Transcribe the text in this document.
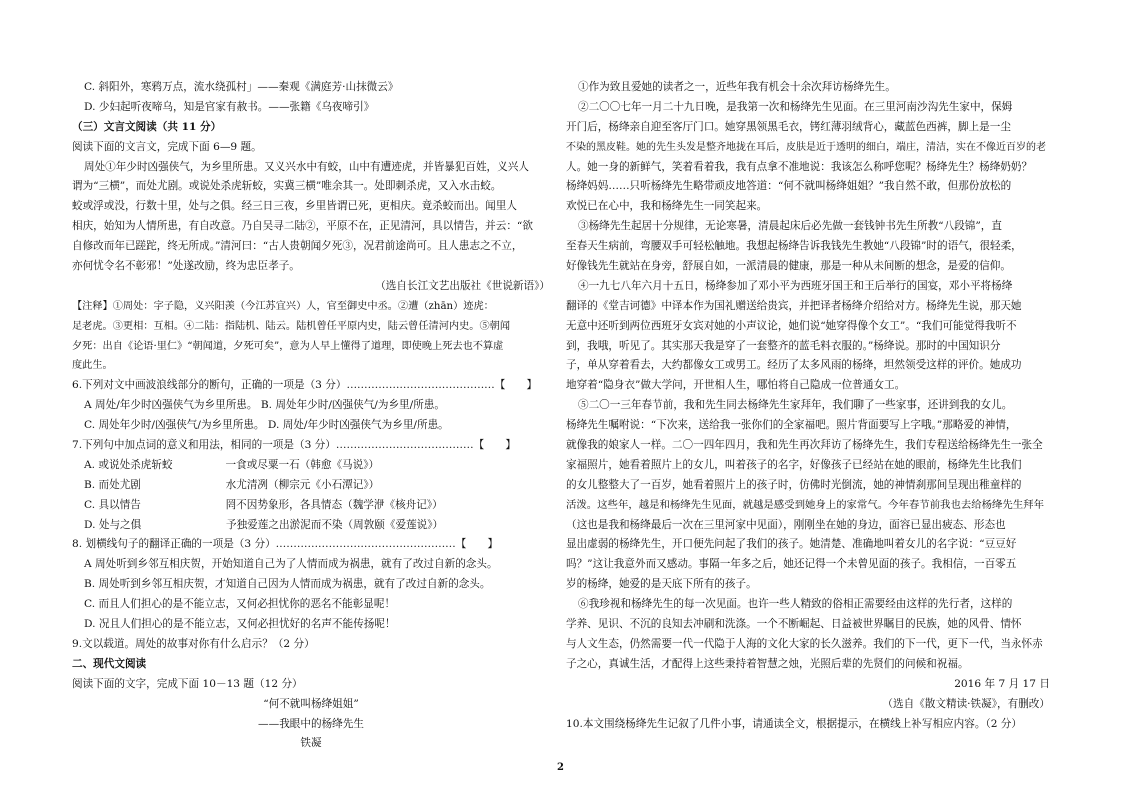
C. 斜阳外，寒鸦万点，流水绕孤村」——秦观《满庭芳·山抹微云》
D. 少妇起听夜啼乌，知是官家有赦书。——张籍《乌夜啼引》
（三）文言文阅读（共 11 分）
阅读下面的文言文，完成下面 6—9 题。
周处①年少时凶强侠气，为乡里所患。又义兴水中有蛟，山中有遭迹虎，并皆暴犯百姓，义兴人
谓为“三横”，而处尤剧。或说处杀虎斩蛟，实冀三横”唯余其一。处即刺杀虎，又入水击蛟。
蛟或浮或没，行数十里，处与之俱。经三日三夜，乡里皆谓已死，更相庆。竟杀蛟而出。闻里人
相庆，始知为人情所患，有自改意。乃自吴寻二陆②，平原不在，正见清河，具以情告，并云：“欲
自修改而年已蹉跎，终无所成。”清河曰：“古人贵朝闻夕死③，况君前途尚可。且人患志之不立，
亦何忧令名不彰邪！”处遂改励，终为忠臣孝子。
（选自长江文艺出版社《世说新语》）
【注释】①周处：字子隐，义兴阳羡（今江苏宜兴）人，官至御史中丞。②遭（zhān）迹虎：
足老虎。③更相：互相。④二陆：指陆机、陆云。陆机曾任平原内史，陆云曾任清河内史。⑤朝闻
夕死：出自《论语·里仁》“朝闻道，夕死可矣”，意为人早上懂得了道理，即使晚上死去也不算虚
度此生。
6.下列对文中画波浪线部分的断句，正确的一项是（3 分）……………………………………【　　】
A 周处/年少时凶强侠气为乡里所患。 B. 周处年少时/凶强侠气/为乡里/所患。
C. 周处年少时/凶强侠气/为乡里所患。 D. 周处/年少时凶强侠气为乡里/所患。
7.下列句中加点词的意义和用法，相同的一项是（3 分）…………………………………【　　】
A. 或说处杀虎斩蛟　　　　　一食或尽粟一石（韩愈《马说》）
B. 而处尤剧　　　　　　　　水尤清冽（柳宗元《小石潭记》）
C. 具以情告　　　　　　　　罔不因势象形，各具情态（魏学洢《核舟记》）
D. 处与之俱　　　　　　　　予独爱莲之出淤泥而不染（周敦颐《爱莲说》）
8. 划横线句子的翻译正确的一项是（3 分）……………………………………………【　　】
A 周处听到乡邻互相庆贺，开始知道自己为了人情而成为祸患，就有了改过自新的念头。
B. 周处听到乡邻互相庆贺，才知道自己因为人情而成为祸患，就有了改过自新的念头。
C. 而且人们担心的是不能立志，又何必担忧你的恶名不能彰显呢！
D. 况且人们担心的是不能立志，又何必担忧好的名声不能传扬呢！
9.文以载道。周处的故事对你有什么启示？（2 分）
二、现代文阅读
阅读下面的文字，完成下面 10－13 题（12 分）
“何不就叫杨绛姐姐”
——我眼中的杨绛先生
铁凝
①作为致且爱她的读者之一，近些年我有机会十余次拜访杨绛先生。
②二〇〇七年一月二十九日晚，是我第一次和杨绛先生见面。在三里河南沙沟先生家中，保姆
开门后，杨绛亲自迎至客厅门口。她穿黑领黑毛衣，铐红薄羽绒背心，藏蓝色西裤，脚上是一尘
不染的黑皮鞋。她的先生头发是整齐地拢在耳后，皮肤是近于透明的细白，端庄，清洁，实在不像近百岁的老
人。她一身的新鲜气，笑着看着我，我有点拿不准地说：我该怎么称呼您呢？杨绛先生？杨绛奶奶？
杨绛妈妈……只听杨绛先生略带顽皮地答道：“何不就叫杨绛姐姐？”我自然不敢，但那份放松的
欢悦已在心中，我和杨绛先生一同笑起来。
③杨绛先生起居十分规律，无论寒暑，清晨起床后必先做一套钱钟书先生所教“八段锦”，直
至春天生病前，弯腰双手可轻松触地。我想起杨绛告诉我钱先生教她“八段锦”时的语气，很轻柔，
好像钱先生就站在身旁，舒展自如，一派清晨的健康，那是一种从未间断的想念，是爱的信仰。
④一九七八年六月十五日，杨绛参加了邓小平为西班牙国王和王后举行的国宴，邓小平将杨绛
翻译的《堂吉诃德》中译本作为国礼赠送给贵宾，并把译者杨绛介绍给对方。杨绛先生说，那天她
无意中还听到两位西班牙女宾对她的小声议论，她们说“她穿得像个女工”。“我们可能觉得我听不
到，我哦，听见了。其实那天我是穿了一套整齐的蓝毛料衣服的。”杨绛说。那时的中国知识分
子，单从穿着看去，大约都像女工或男工。经历了太多风雨的杨绛，坦然领受这样的评价。她成功
地穿着“隐身衣”做大学问，开世相人生，哪怕将自己隐成一位普通女工。
⑤二〇一三年春节前，我和先生同去杨绛先生家拜年，我们聊了一些家事，还讲到我的女儿。
杨绛先生嘱咐说：“下次来，送给我一张你们的全家福吧。照片背面要写上字哦。”那略爱的神情，
就像我的娘家人一样。二〇一四年四月，我和先生再次拜访了杨绛先生，我们专程送给杨绛先生一张全
家福照片，她看着照片上的女儿，叫着孩子的名字，好像孩子已经站在她的眼前，杨绛先生比我们
的女儿整整大了一百岁，她看着照片上的孩子时，仿佛时光倒流，她的神情刹那间呈现出稚童样的
活泼。这些年，越是和杨绛先生见面，就越是感受到她身上的家常气。今年春节前我也去给杨绛先生拜年
（这也是我和杨绛最后一次在三里河家中见面），刚刚坐在她的身边，面容已显出疲态、形态也
显出虚弱的杨绛先生，开口便先问起了我们的孩子。她清楚、准确地叫着女儿的名字说：“豆豆好
吗？”这让我意外而又感动。事隔一年多之后，她还记得一个未曾见面的孩子。我相信，一百零五
岁的杨绛，她爱的是天底下所有的孩子。
⑥我珍视和杨绛先生的每一次见面。也许一些人精致的俗相正需要经由这样的先行者，这样的
学养、见识、不沉的良知去冲刷和洗涤。一个不断崛起、日益被世界瞩目的民族，她的风骨、情怀
与人文生态，仍然需要一代一代隐于人海的文化大家的长久滋养。我们的下一代，更下一代，当永怀赤
子之心，真诚生活，才配得上这些秉持着智慧之烛，光照后辈的先贤们的问候和祝福。
2016 年 7 月 17 日
（选自《散文精读·铁凝》，有删改）
10.本文围绕杨绛先生记叙了几件小事，请通读全文，根据提示，在横线上补写相应内容。（2 分）
2
